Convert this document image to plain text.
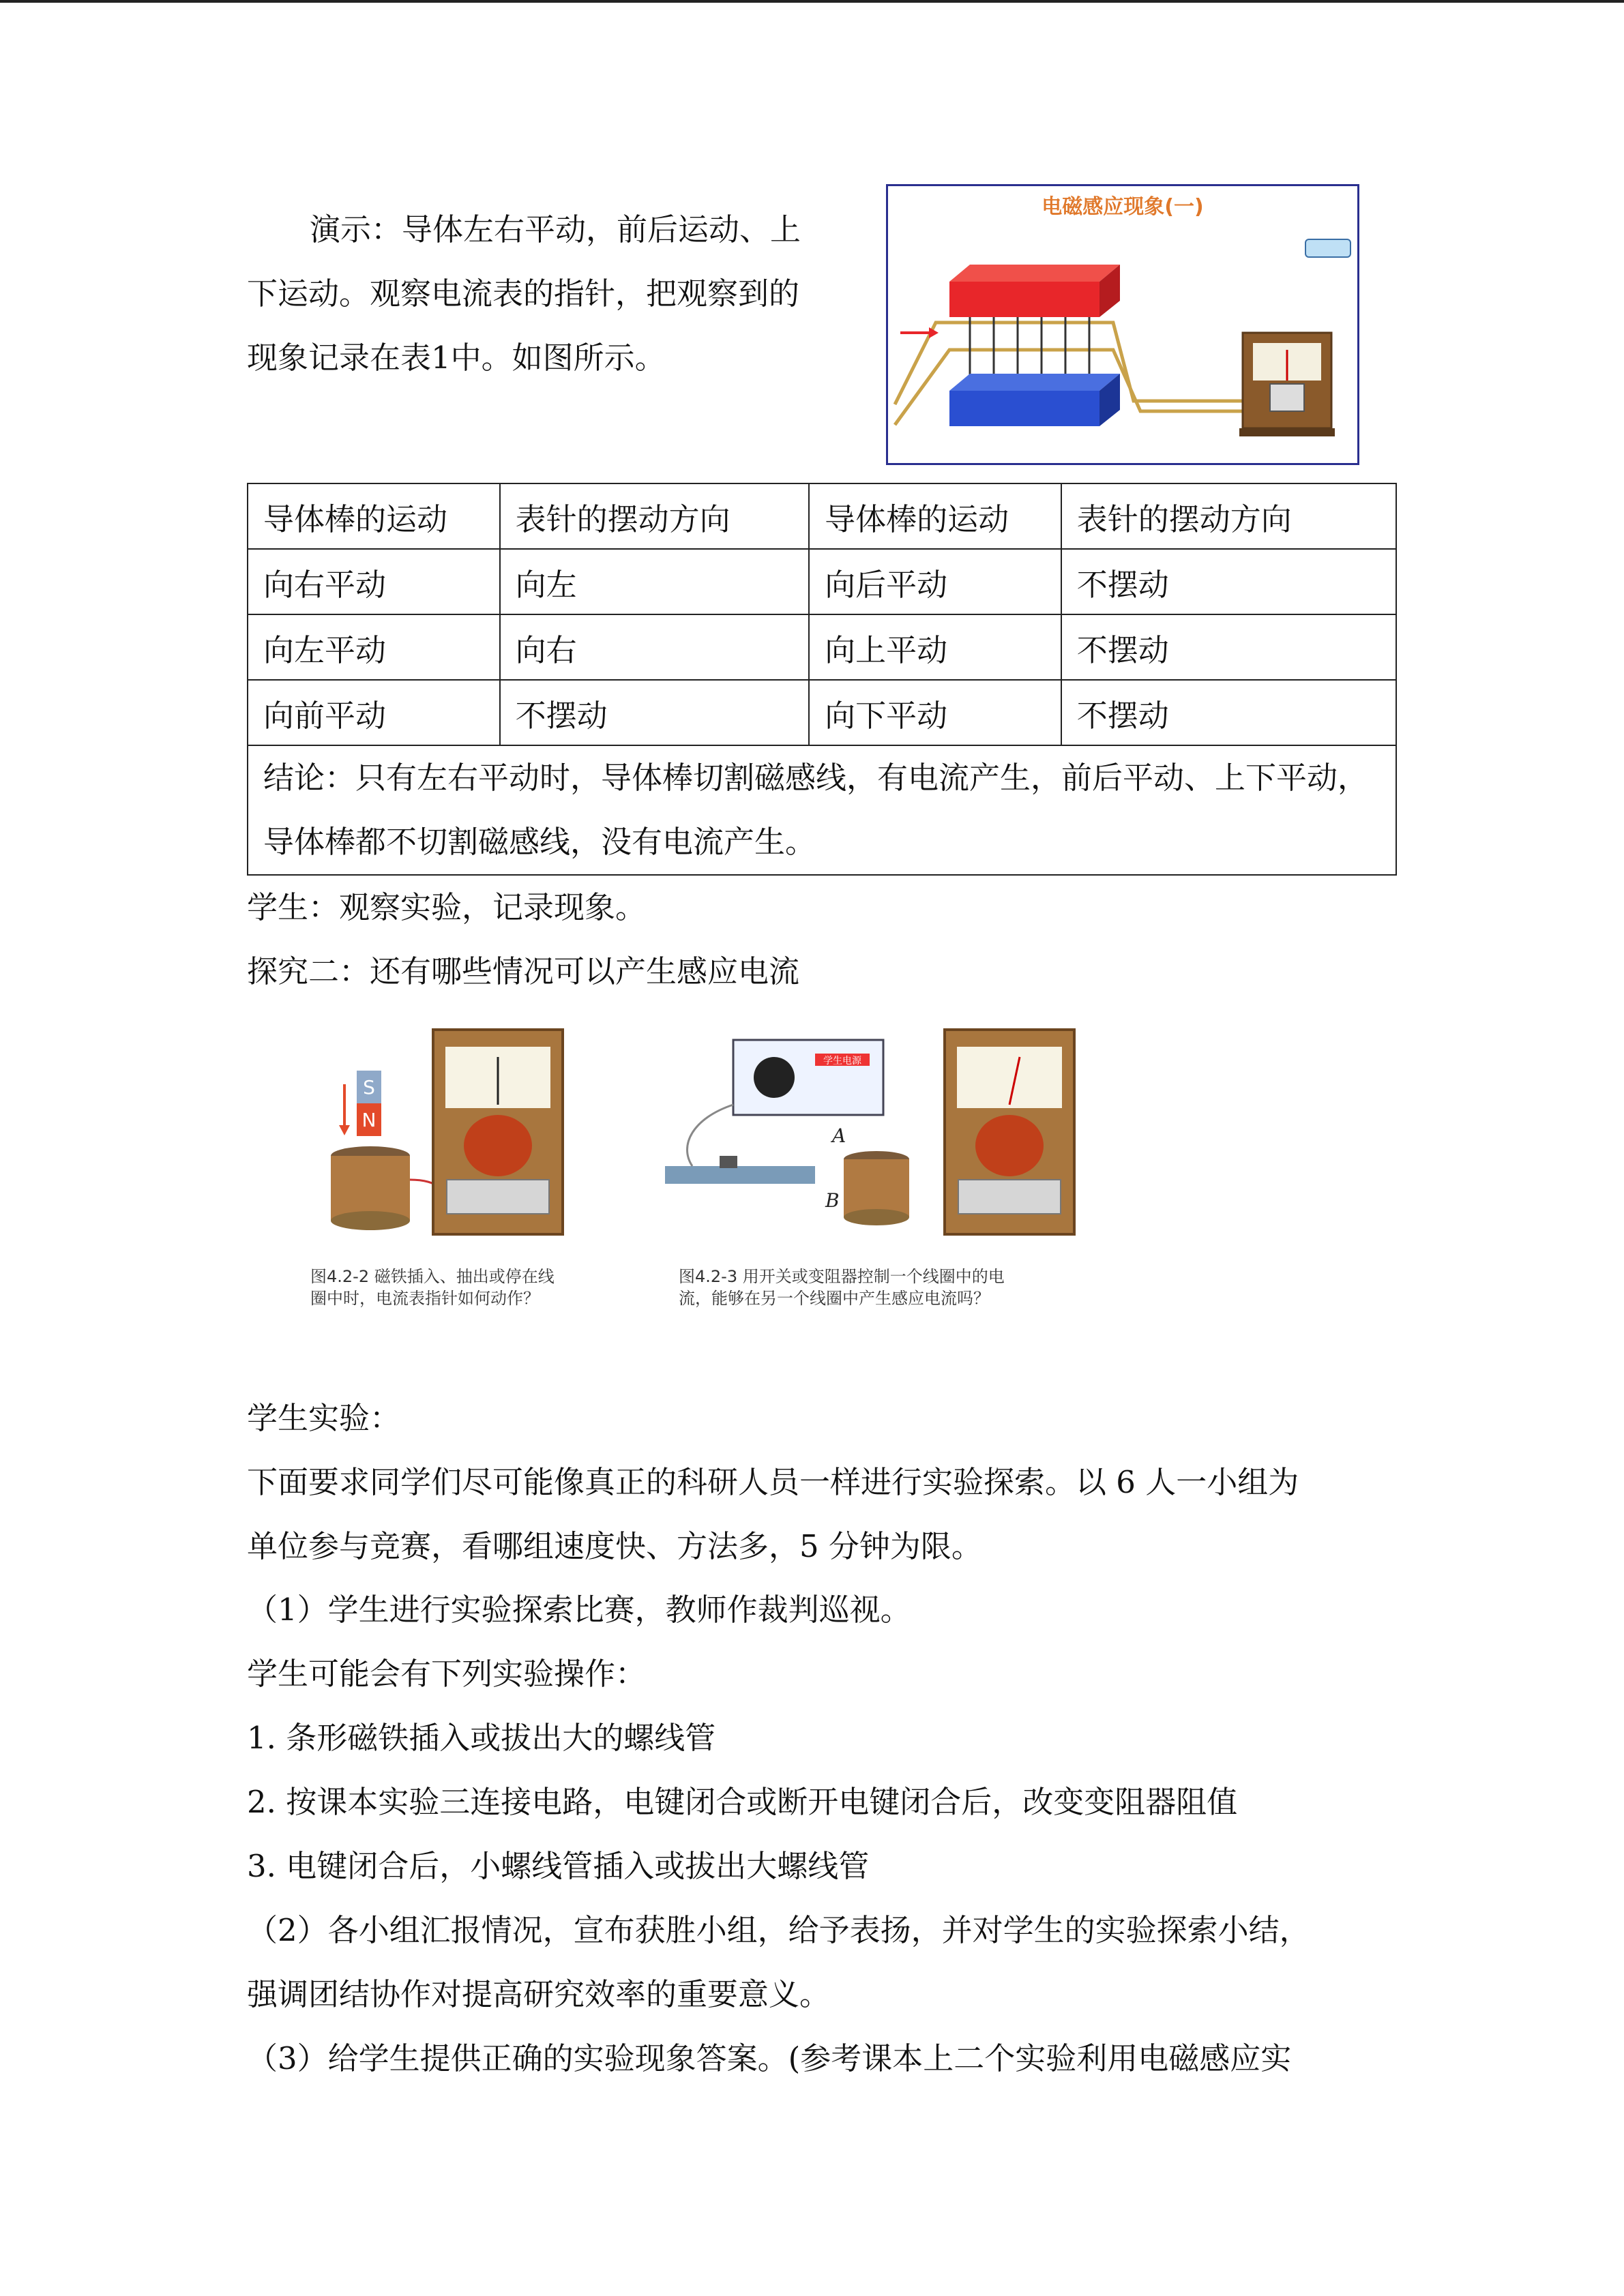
演示：导体左右平动，前后运动、上
下运动。观察电流表的指针，把观察到的
现象记录在表1中。如图所示。
电磁感应现象(一)
导体棒的运动	表针的摆动方向	导体棒的运动	表针的摆动方向
向右平动	向左	向后平动	不摆动
向左平动	向右	向上平动	不摆动
向前平动	不摆动	向下平动	不摆动
结论：只有左右平动时，导体棒切割磁感线，有电流产生，前后平动、上下平动，导体棒都不切割磁感线，没有电流产生。			
学生：观察实验，记录现象。
探究二：还有哪些情况可以产生感应电流
S
N
图4.2-2 磁铁插入、抽出或停在线
圈中时，电流表指针如何动作？
学生电源
A
B
图4.2-3 用开关或变阻器控制一个线圈中的电
流，能够在另一个线圈中产生感应电流吗？
学生实验：
下面要求同学们尽可能像真正的科研人员一样进行实验探索。以 6 人一小组为
单位参与竞赛，看哪组速度快、方法多，5 分钟为限。
（1）学生进行实验探索比赛，教师作裁判巡视。
学生可能会有下列实验操作：
1. 条形磁铁插入或拔出大的螺线管
2. 按课本实验三连接电路，电键闭合或断开电键闭合后，改变变阻器阻值
3. 电键闭合后，小螺线管插入或拔出大螺线管
（2）各小组汇报情况，宣布获胜小组，给予表扬，并对学生的实验探索小结，
强调团结协作对提高研究效率的重要意义。
（3）给学生提供正确的实验现象答案。(参考课本上二个实验利用电磁感应实
